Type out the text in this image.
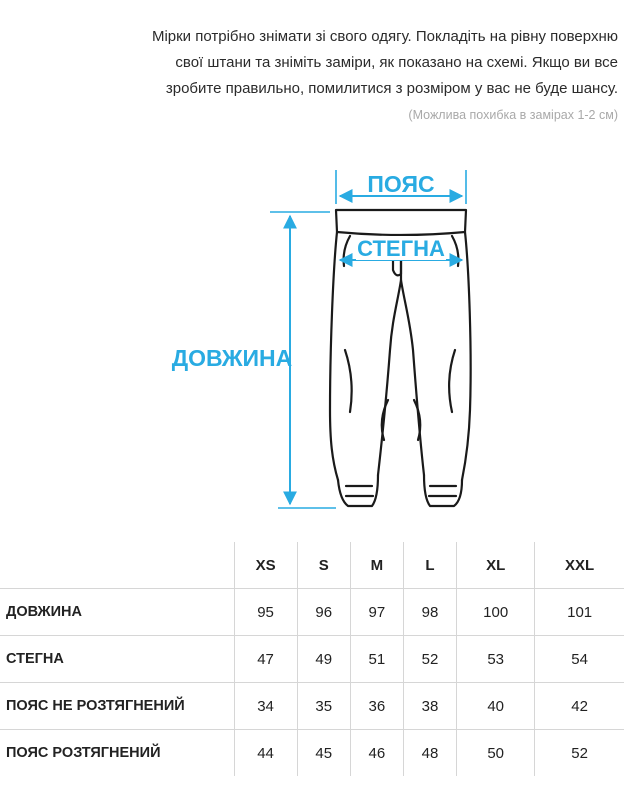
Мірки потрібно знімати зі свого одягу. Покладіть на рівну поверхню
свої штани та зніміть заміри, як показано на схемі. Якщо ви все
зробите правильно, помилитися з розміром у вас не буде шансу.
(Можлива похибка в замірах 1-2 см)
ПОЯС
СТЕГНА
ДОВЖИНА
	XS	S	M	L	XL	XXL
ДОВЖИНА	95	96	97	98	100	101
СТЕГНА	47	49	51	52	53	54
ПОЯС НЕ РОЗТЯГНЕНИЙ	34	35	36	38	40	42
ПОЯС РОЗТЯГНЕНИЙ	44	45	46	48	50	52
